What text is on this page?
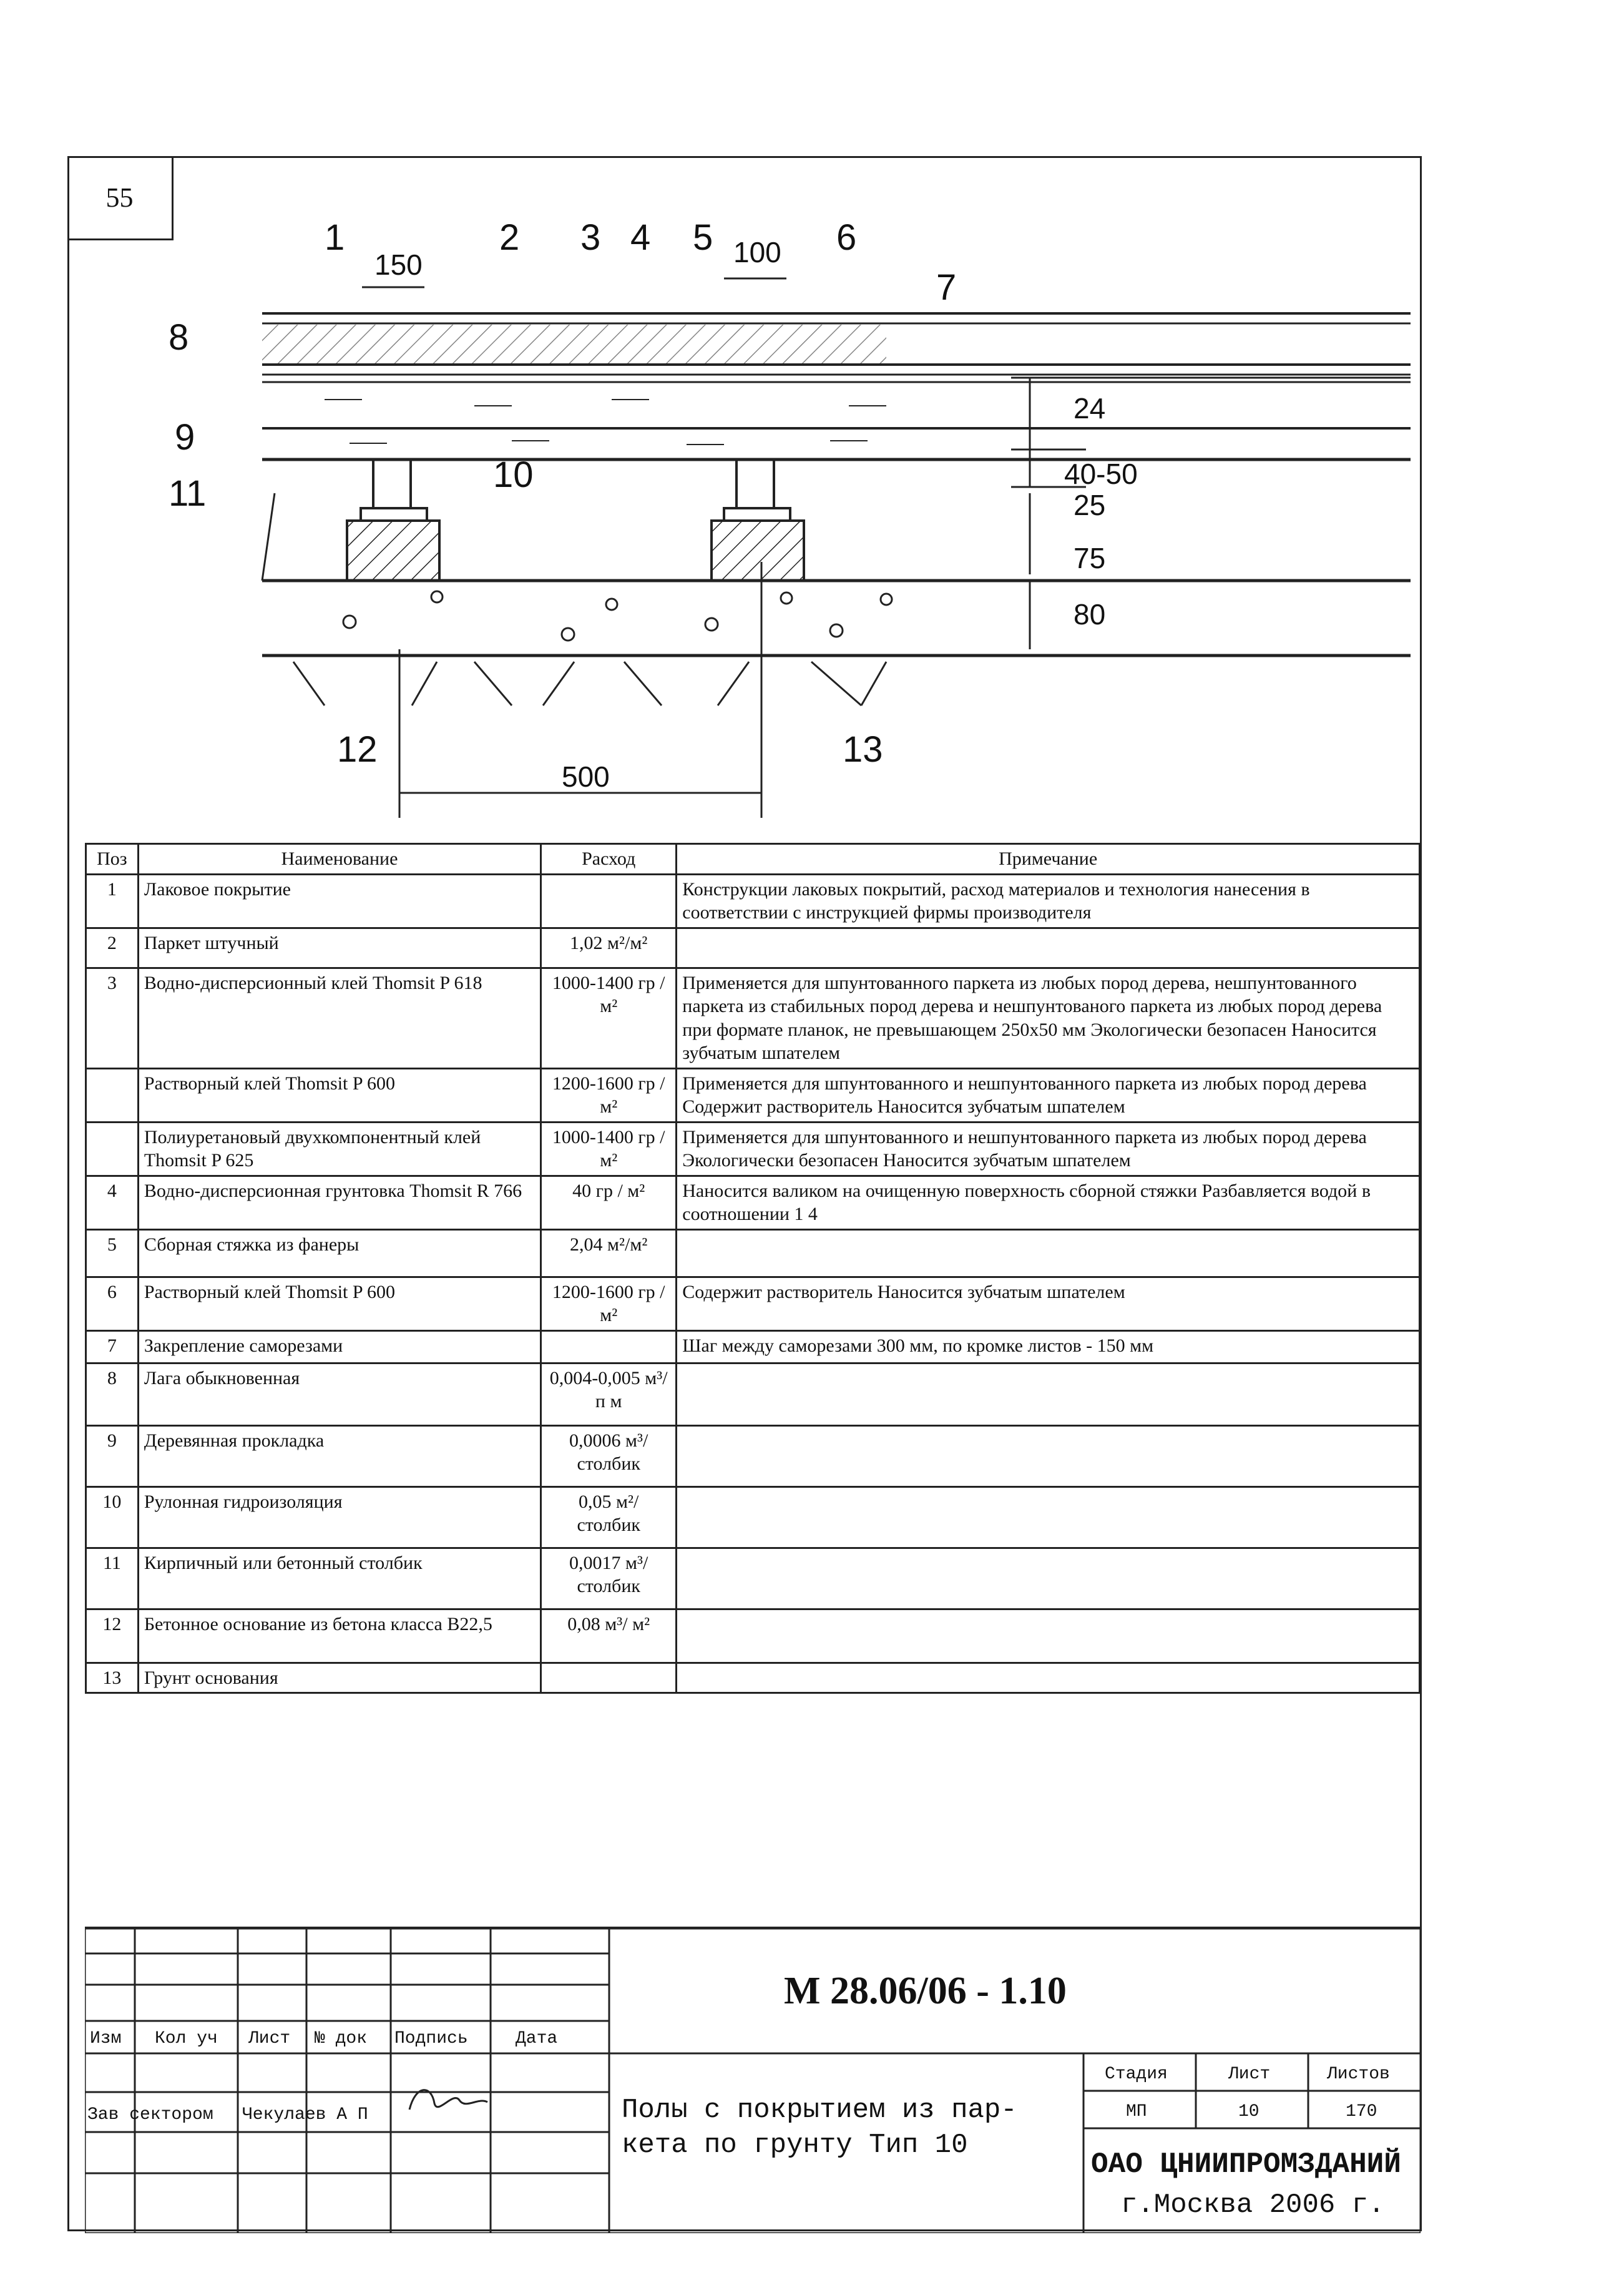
55
1	2 3 4 5	6
7
8
9
10
11
12	13
150	100
500
24
40-50
25
75
80
Поз	Наименование	Расход	Примечание
1	Лаковое покрытие		Конструкции лаковых покрытий, расход материалов и технология нанесения в соответствии с инструкцией фирмы производителя
2	Паркет штучный	1,02 м²/м²	
3	Водно-дисперсионный клей Thomsit P 618	1000-1400 гр / м²	Применяется для шпунтованного паркета из любых пород дерева, нешпунтованного паркета из стабильных пород дерева и нешпунтованого паркета из любых пород дерева при формате планок, не превышающем 250х50 мм Экологически безопасен Наносится зубчатым шпателем
	Растворный клей Thomsit P 600	1200-1600 гр / м²	Применяется для шпунтованного и нешпунтованного паркета из любых пород дерева Содержит растворитель Наносится зубчатым шпателем
	Полиуретановый двухкомпонентный клей Thomsit P 625	1000-1400 гр / м²	Применяется для шпунтованного и нешпунтованного паркета из любых пород дерева Экологически безопасен Наносится зубчатым шпателем
4	Водно-дисперсионная грунтовка Thomsit R 766	40 гр / м²	Наносится валиком на очищенную поверхность сборной стяжки Разбавляется водой в соотношении 1 4
5	Сборная стяжка из фанеры	2,04 м²/м²	
6	Растворный клей Thomsit P 600	1200-1600 гр / м²	Содержит растворитель Наносится зубчатым шпателем
7	Закрепление саморезами		Шаг между саморезами 300 мм, по кромке листов - 150 мм
8	Лага обыкновенная	0,004-0,005 м³/п м	
9	Деревянная прокладка	0,0006 м³/ столбик	
10	Рулонная гидроизоляция	0,05 м²/ столбик	
11	Кирпичный или бетонный столбик	0,0017 м³/ столбик	
12	Бетонное основание из бетона класса В22,5	0,08 м³/ м²	
13	Грунт основания		
Изм Кол уч Лист № док Подпись	Дата
Зав сектором Чекулаев А П
Стадия	Лист	Листов
МП	10	170
М 28.06/06 - 1.10
Полы с покрытием из пар-
кета по грунту Тип 10
ОАО ЦНИИПРОМЗДАНИЙ
г.Москва 2006 г.
